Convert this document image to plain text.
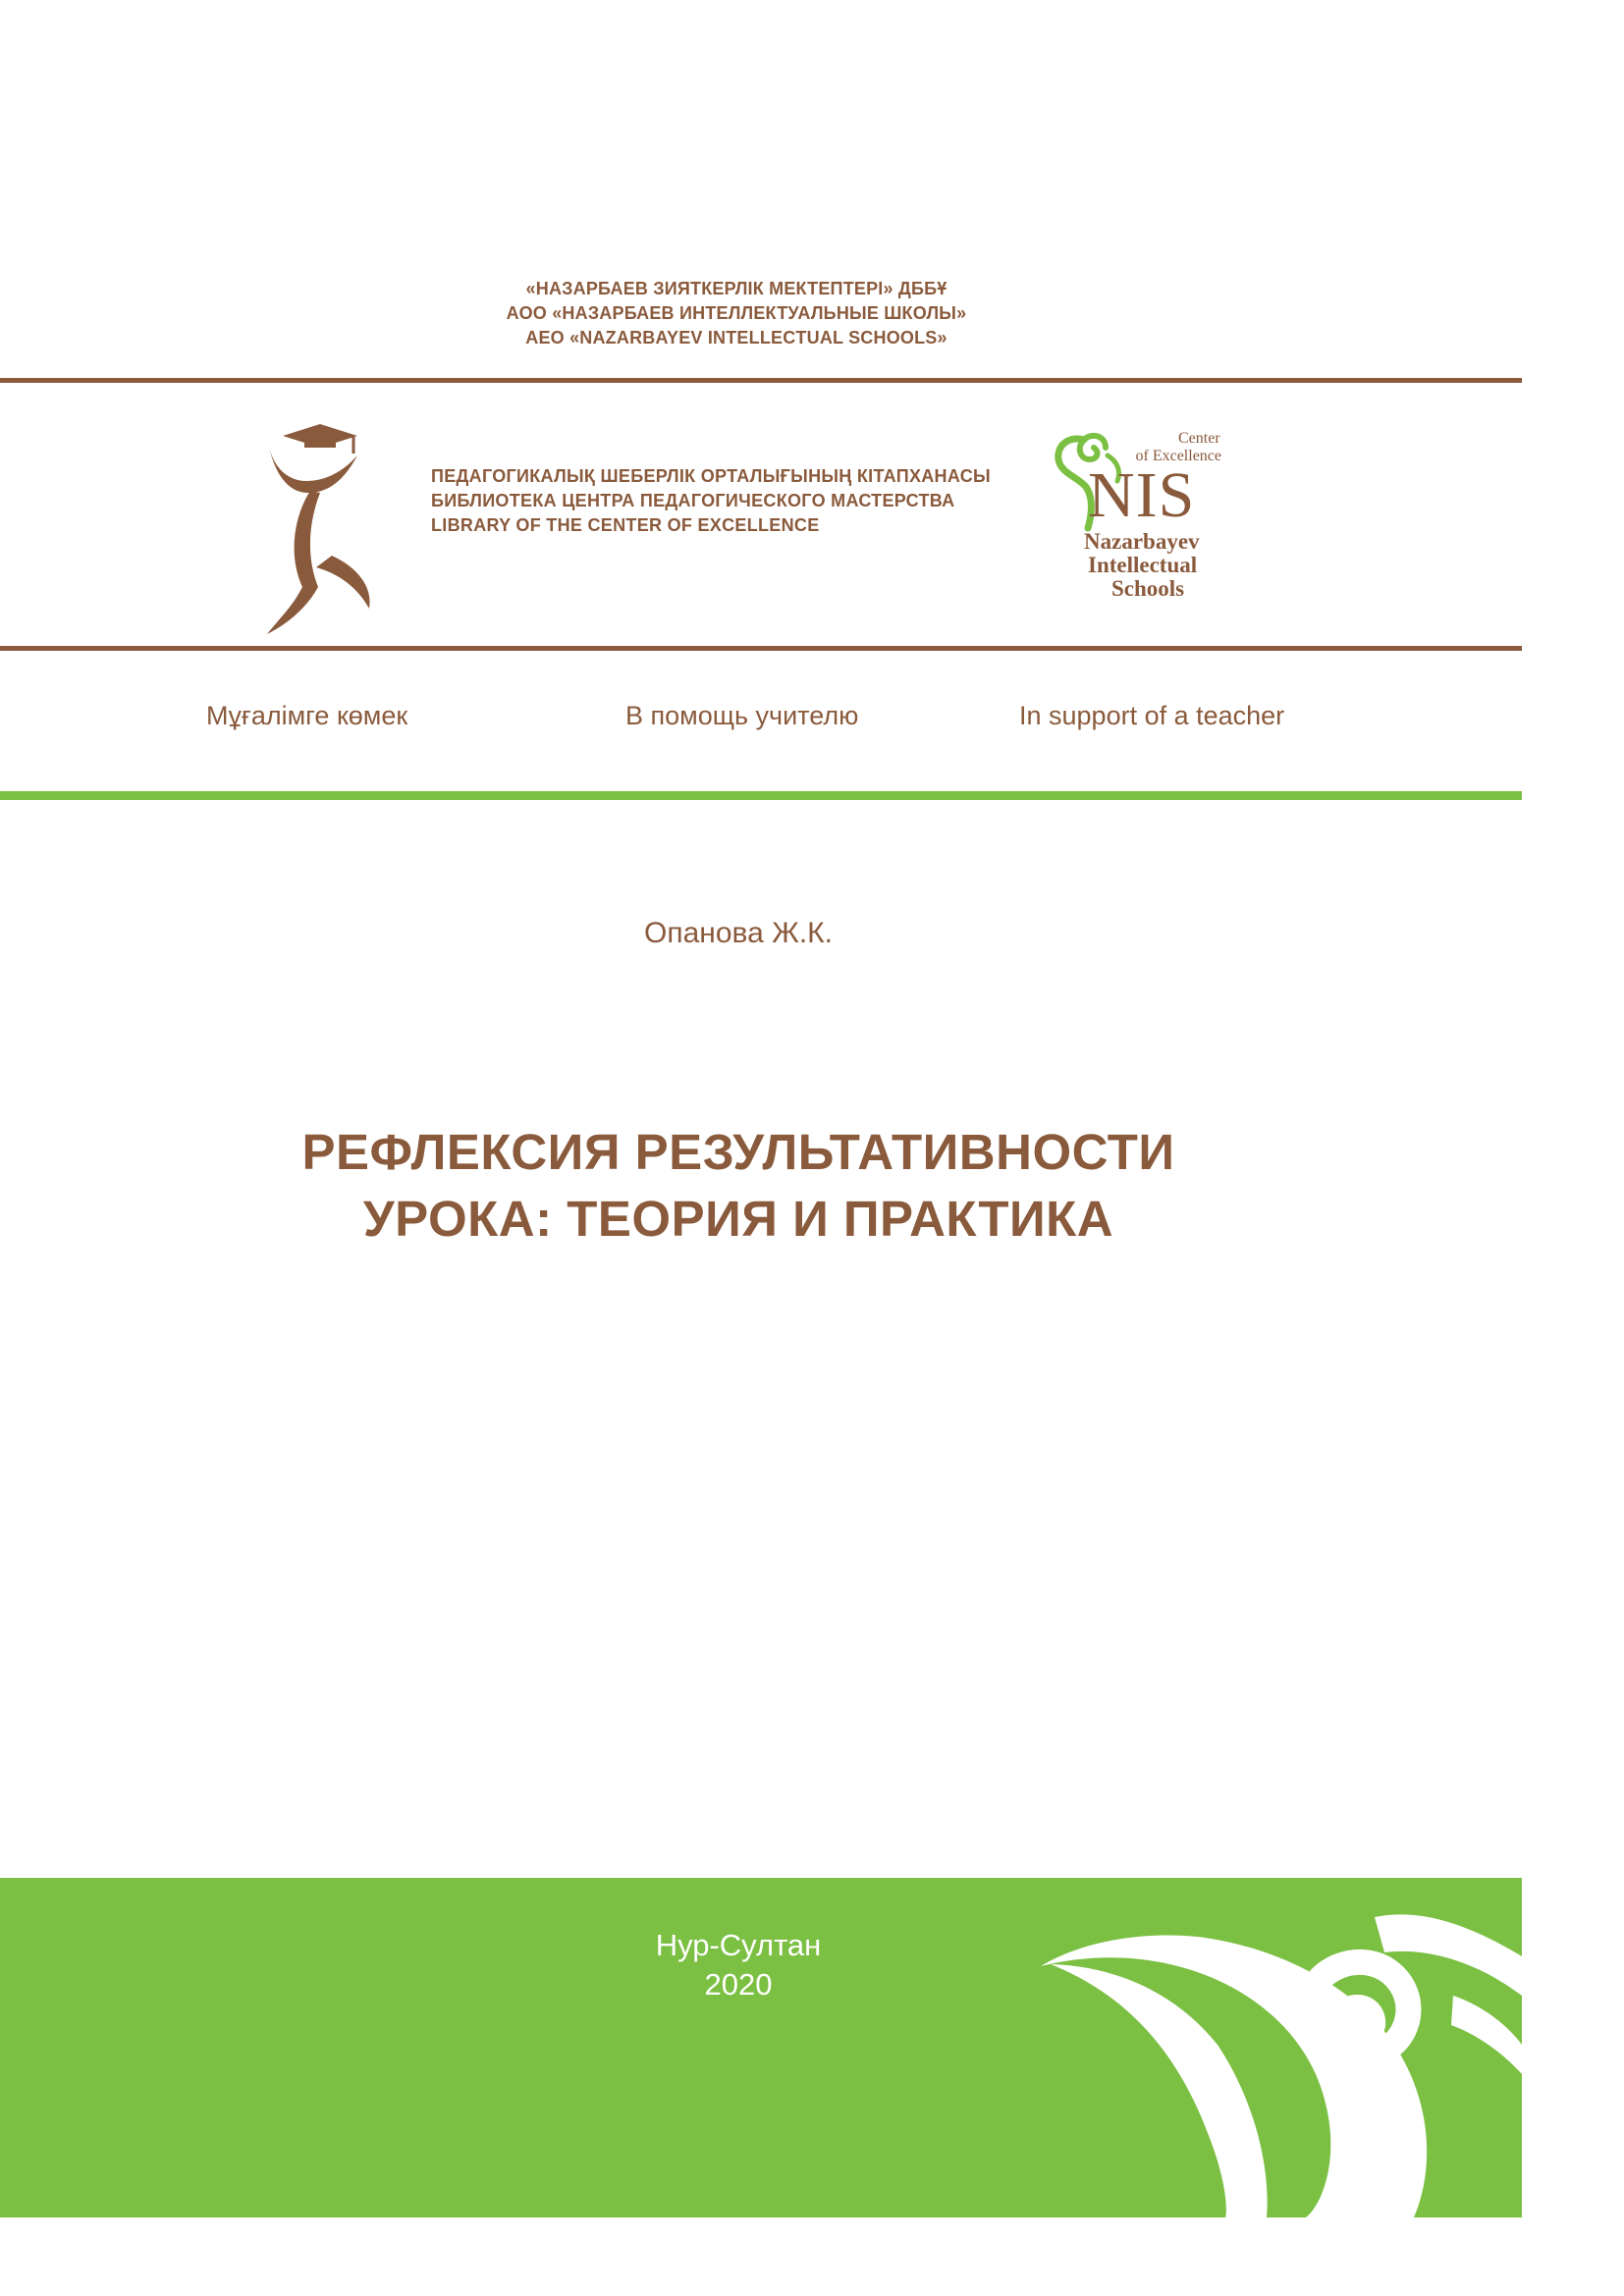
«НАЗАРБАЕВ ЗИЯТКЕРЛІК МЕКТЕПТЕРІ» ДББҰ
АОО «НАЗАРБАЕВ ИНТЕЛЛЕКТУАЛЬНЫЕ ШКОЛЫ»
AEO «NAZARBAYEV INTELLECTUAL SCHOOLS»
ПЕДАГОГИКАЛЫҚ ШЕБЕРЛІК ОРТАЛЫҒЫНЫҢ КІТАПХАНАСЫ
БИБЛИОТЕКА ЦЕНТРА ПЕДАГОГИЧЕСКОГО МАСТЕРСТВА
LIBRARY OF THE CENTER OF EXCELLENCE
Center
of Excellence
NIS
Nazarbayev
Intellectual
Schools
Мұғалімге көмек	В помощь учителю	In support of a teacher
Опанова Ж.К.
РЕФЛЕКСИЯ РЕЗУЛЬТАТИВНОСТИ
УРОКА: ТЕОРИЯ И ПРАКТИКА
Нур-Султан
2020
